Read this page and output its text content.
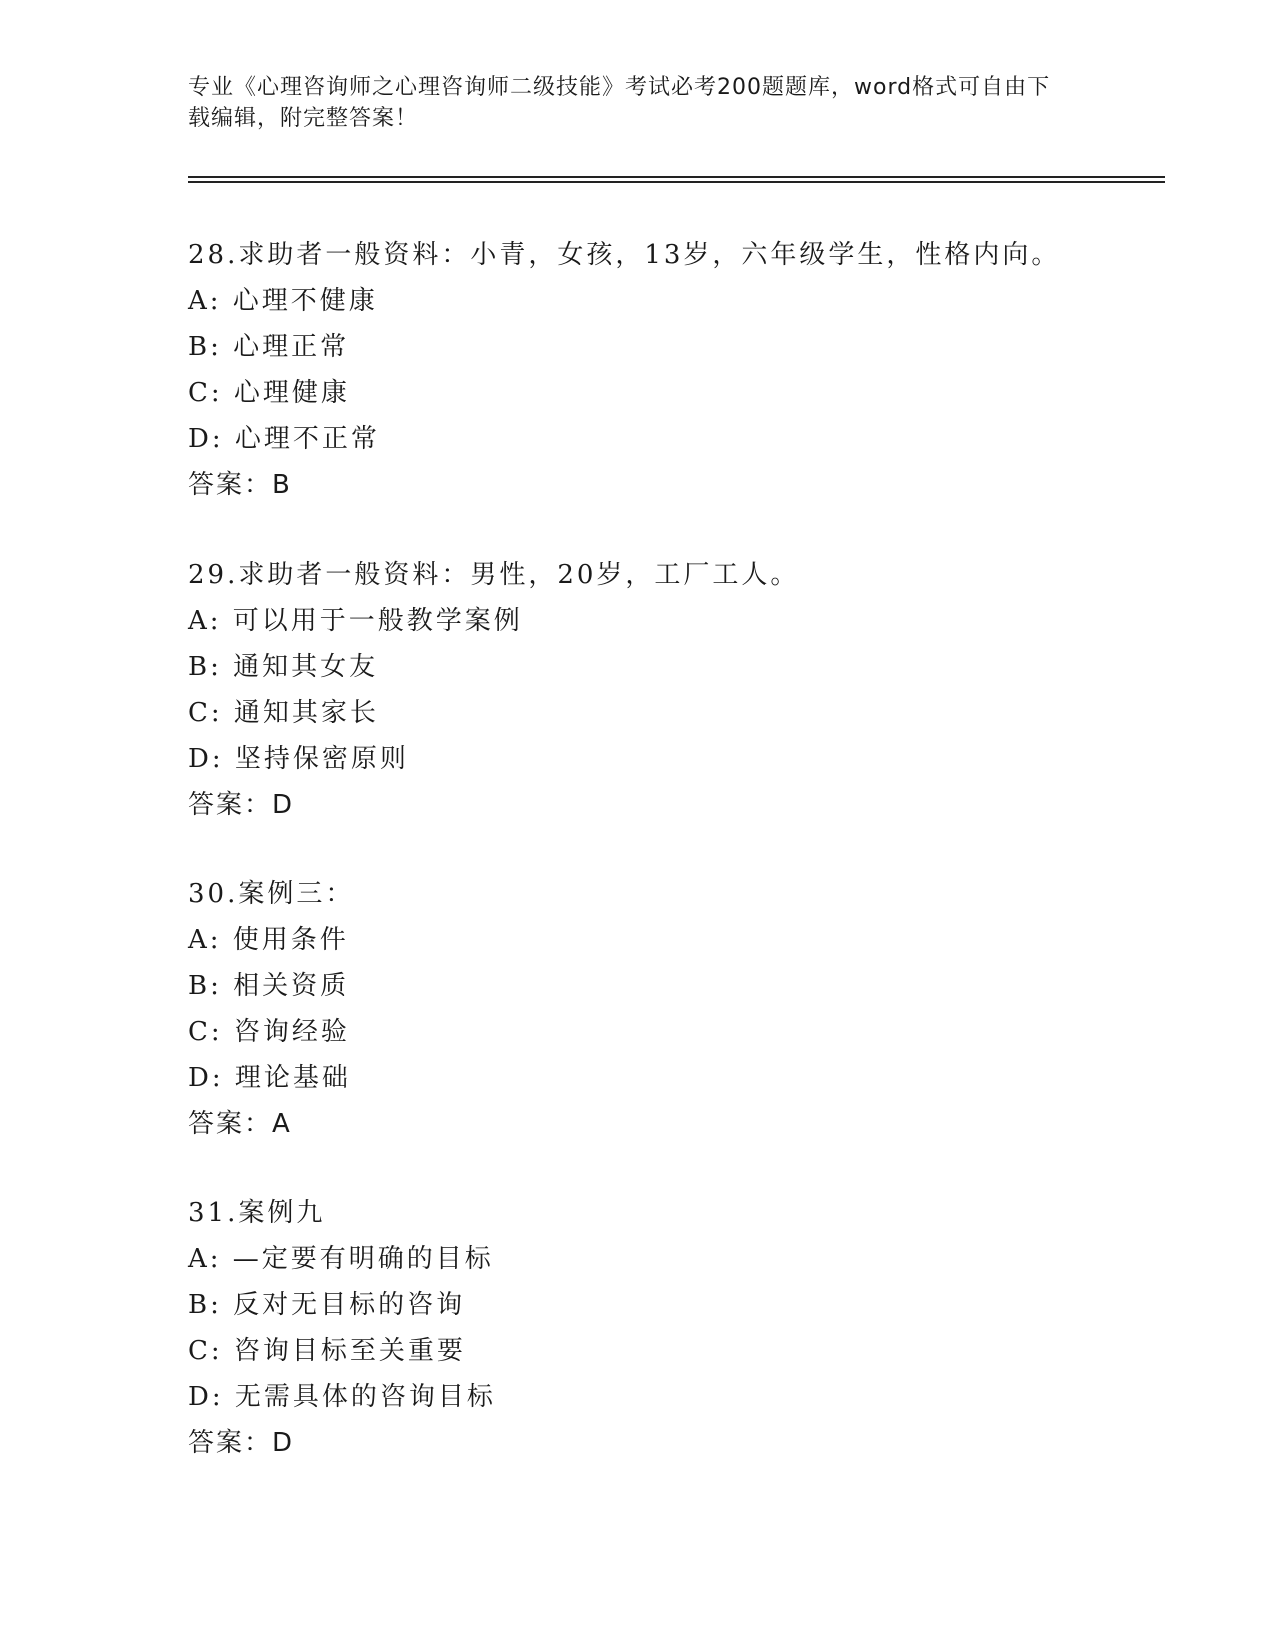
专业《心理咨询师之心理咨询师二级技能》考试必考200题题库，word格式可自由下载编辑，附完整答案！
28.求助者一般资料：小青，女孩，13岁，六年级学生，性格内向。
A: 心理不健康
B: 心理正常
C: 心理健康
D: 心理不正常
答案：B
29.求助者一般资料：男性，20岁，工厂工人。
A: 可以用于一般教学案例
B: 通知其女友
C: 通知其家长
D: 坚持保密原则
答案：D
30.案例三：
A: 使用条件
B: 相关资质
C: 咨询经验
D: 理论基础
答案：A
31.案例九
A: —定要有明确的目标
B: 反对无目标的咨询
C: 咨询目标至关重要
D: 无需具体的咨询目标
答案：D
